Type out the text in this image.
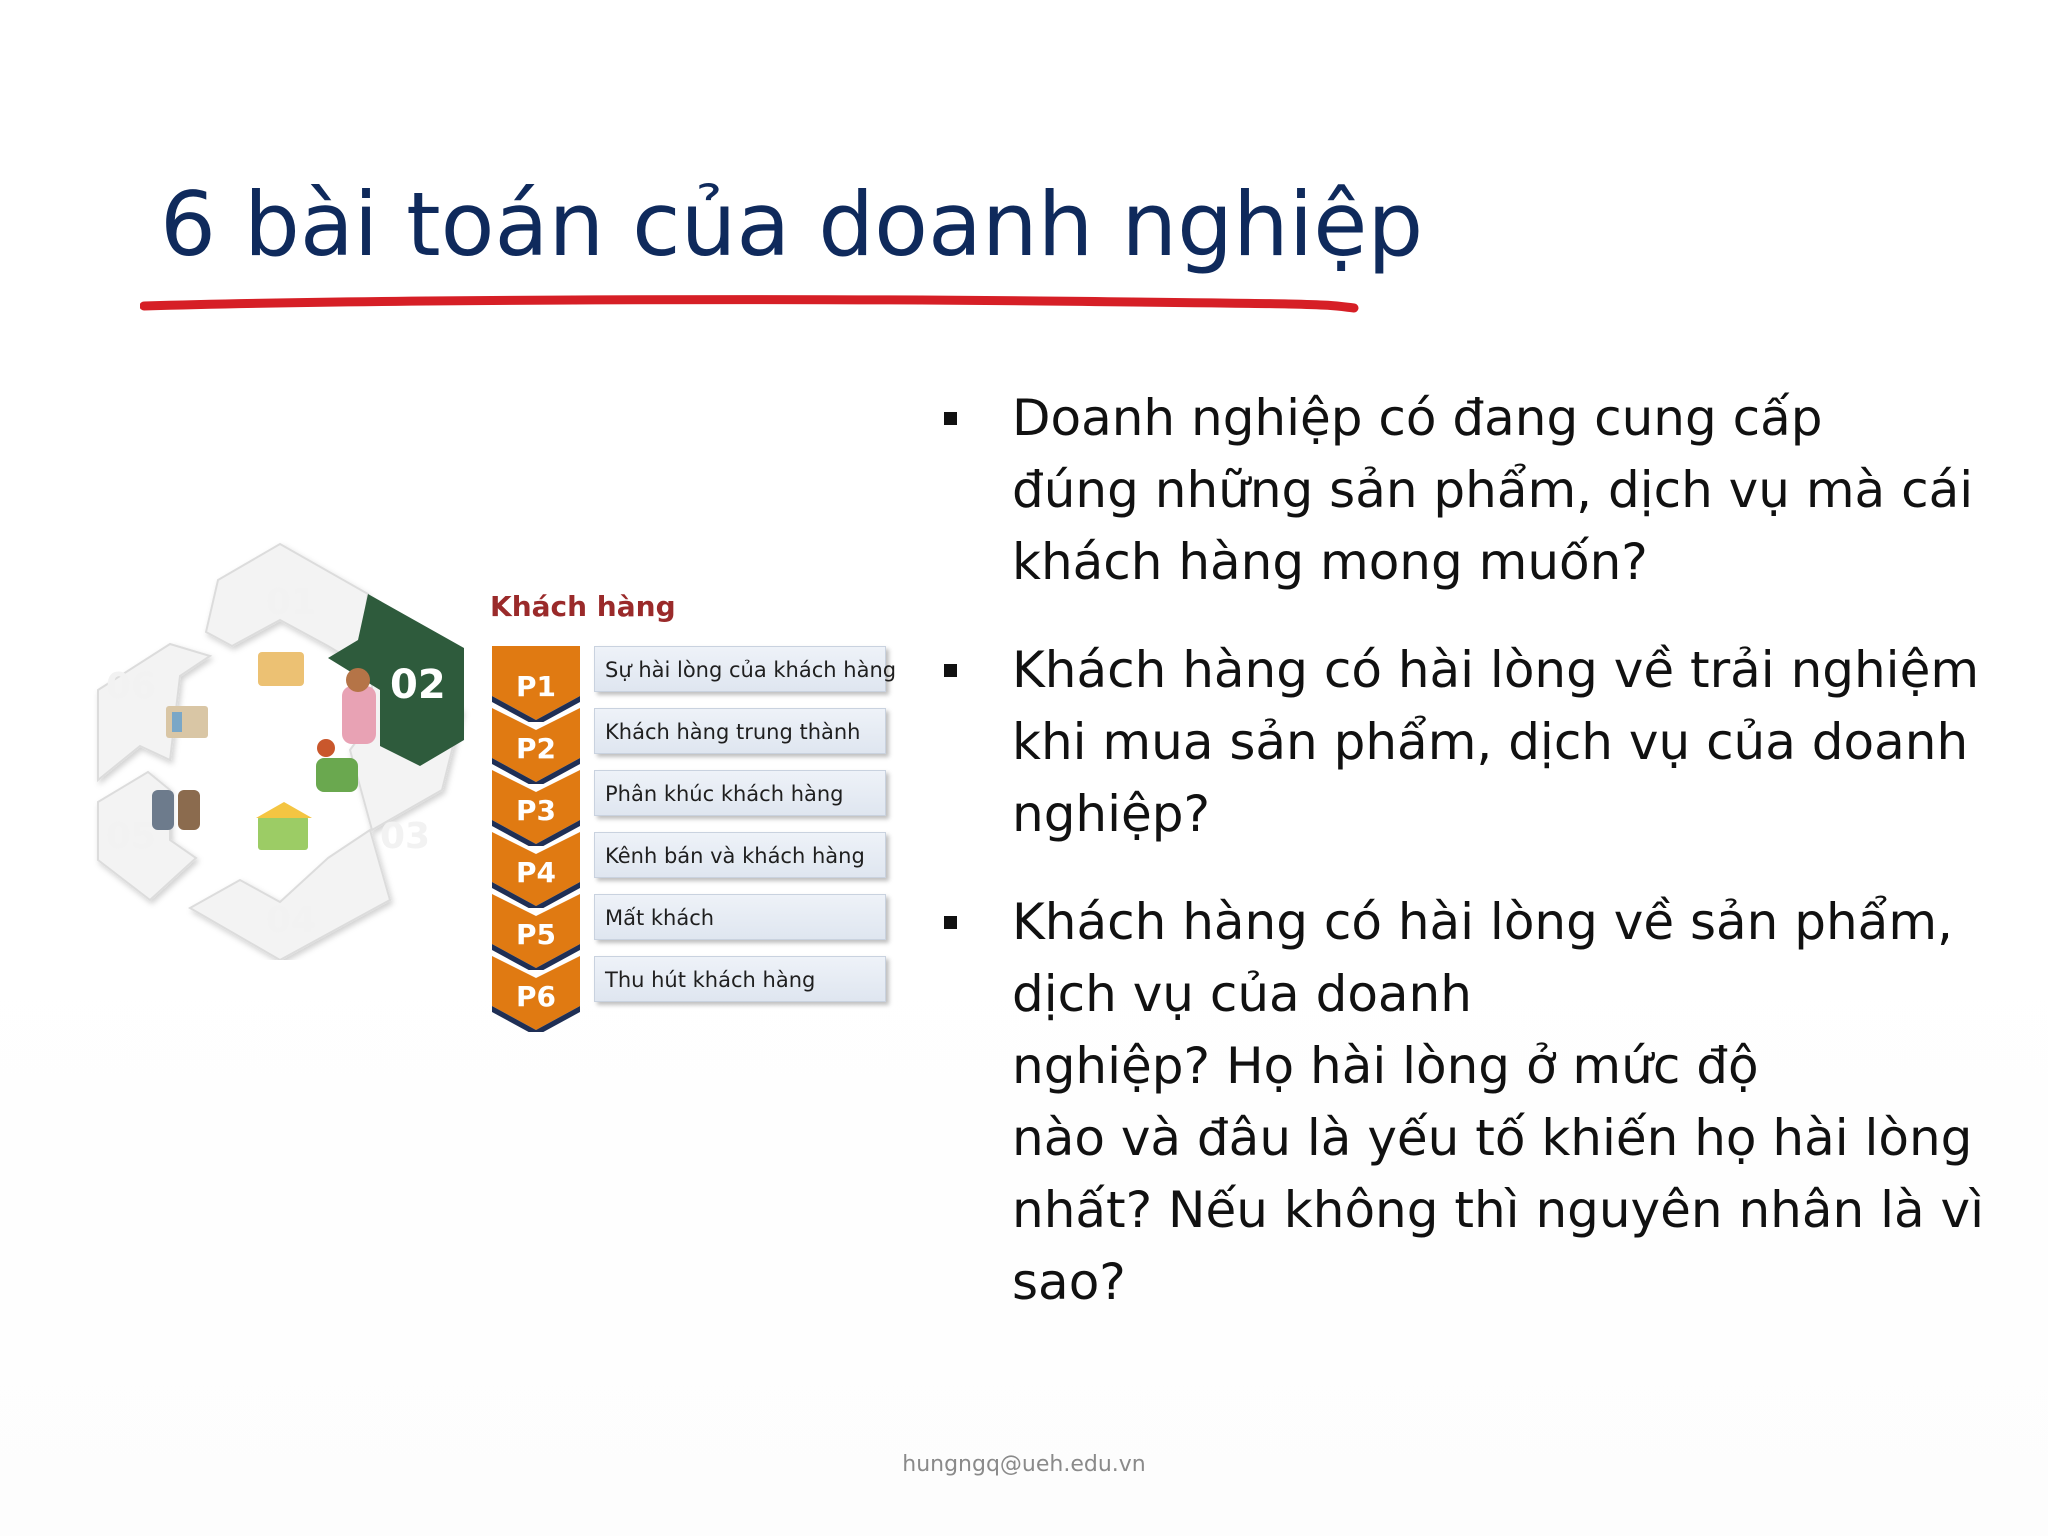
6 bài toán của doanh nghiệp
01
02
03
04
05
06
Khách hàng
P1	Sự hài lòng của khách hàng
P2	Khách hàng trung thành
P3	Phân khúc khách hàng
P4	Kênh bán và khách hàng
P5	Mất khách
P6	Thu hút khách hàng
Doanh nghiệp có đang cung cấp
đúng những sản phẩm, dịch vụ mà cái
khách hàng mong muốn?
Khách hàng có hài lòng về trải nghiệm
khi mua sản phẩm, dịch vụ của doanh
nghiệp?
Khách hàng có hài lòng về sản phẩm,
dịch vụ của doanh
nghiệp? Họ hài lòng ở mức độ
nào và đâu là yếu tố khiến họ hài lòng
nhất? Nếu không thì nguyên nhân là vì
sao?
hungngq@ueh.edu.vn
